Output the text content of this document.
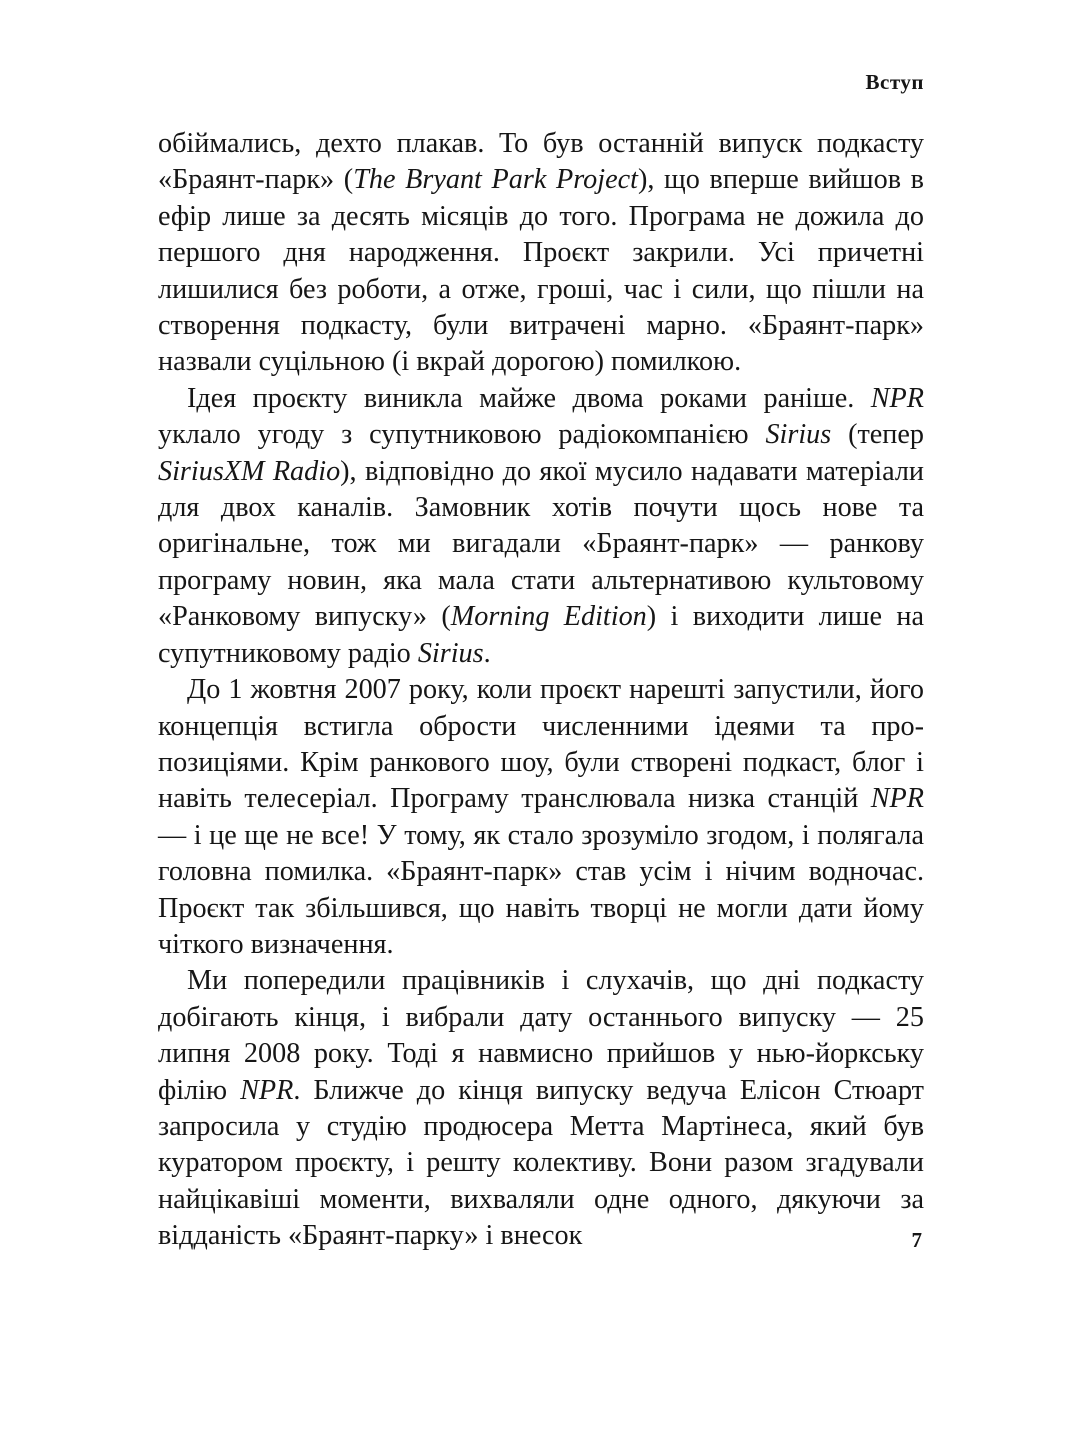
Вступ

обіймались, дехто плакав. То був останній випуск подкасту «Браянт-парк» (The Bryant Park Project), що вперше вийшов в ефір лише за десять місяців до того. Програма не дожила до першого дня народження. Проєкт закрили. Усі причетні лишилися без роботи, а отже, гроші, час і сили, що пішли на створення подкасту, були витрачені марно. «Браянт-парк» назвали суцільною (і вкрай дорогою) помилкою.

Ідея проєкту виникла майже двома роками раніше. NPR уклало угоду з супутниковою радіокомпанією Sirius (тепер SiriusXM Radio), відповідно до якої мусило надавати матеріали для двох каналів. Замовник хотів почути щось нове та оригінальне, тож ми вигадали «Браянт-парк» — ранкову програму новин, яка мала стати альтернативою культовому «Ранковому випуску» (Morning Edition) і виходити лише на супутниковому радіо Sirius.

До 1 жовтня 2007 року, коли проєкт нарешті запустили, його концепція встигла обрости численними ідеями та пропозиціями. Крім ранкового шоу, були створені подкаст, блог і навіть телесеріал. Програму транслювала низка станцій NPR — і це ще не все! У тому, як стало зрозуміло згодом, і полягала головна помилка. «Браянт-парк» став усім і нічим водночас. Проєкт так збільшився, що навіть творці не могли дати йому чіткого визначення.

Ми попередили працівників і слухачів, що дні подкасту добігають кінця, і вибрали дату останнього випуску — 25 липня 2008 року. Тоді я навмисно прийшов у нью-йоркську філію NPR. Ближче до кінця випуску ведуча Елісон Стюарт запросила у студію продюсера Метта Мартінеса, який був куратором проєкту, і решту колективу. Вони разом згадували найцікавіші моменти, вихваляли одне одного, дякуючи за відданість «Браянт-парку» і внесок	7
